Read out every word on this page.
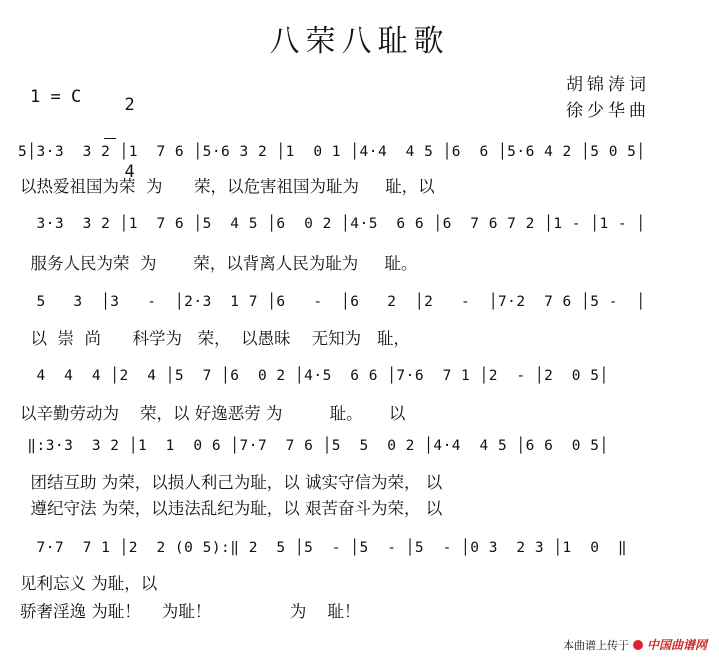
八荣八耻歌
1 = C	2

4

胡锦涛词
徐少华曲
5│3·3  3 2 │1  7 6 │5·6 3 2 │1  0 1 │4·4  4 5 │6  6 │5·6 4 2 │5 0 5│
以热爱祖国为荣  为      荣，以危害祖国为耻为     耻，以
3·3  3 2 │1  7 6 │5  4 5 │6  0 2 │4·5  6 6 │6  7 6 7 2 │1 - │1 - │
服务人民为荣  为       荣，以背离人民为耻为     耻。
5   3  │3   -  │2·3  1 7 │6   -  │6   2  │2   -  │7·2  7 6 │5 -  │
以  崇  尚      科学为   荣，  以愚昧    无知为   耻，
4  4  4 │2  4 │5  7 │6  0 2 │4·5  6 6 │7·6  7 1 │2  - │2  0 5│
以辛勤劳动为    荣，以 好逸恶劳 为         耻。     以
‖:3·3  3 2 │1  1  0 6 │7·7  7 6 │5  5  0 2 │4·4  4 5 │6 6  0 5│
团结互助 为荣，以损人利己为耻，以 诚实守信为荣， 以
遵纪守法 为荣，以违法乱纪为耻，以 艰苦奋斗为荣， 以
7·7  7 1 │2  2 (0 5):‖ 2  5 │5  - │5  - │5  - │0 3  2 3 │1  0  ‖
见利忘义 为耻，以
骄奢淫逸 为耻！    为耻！               为    耻！
本曲谱上传于 中国曲谱网
